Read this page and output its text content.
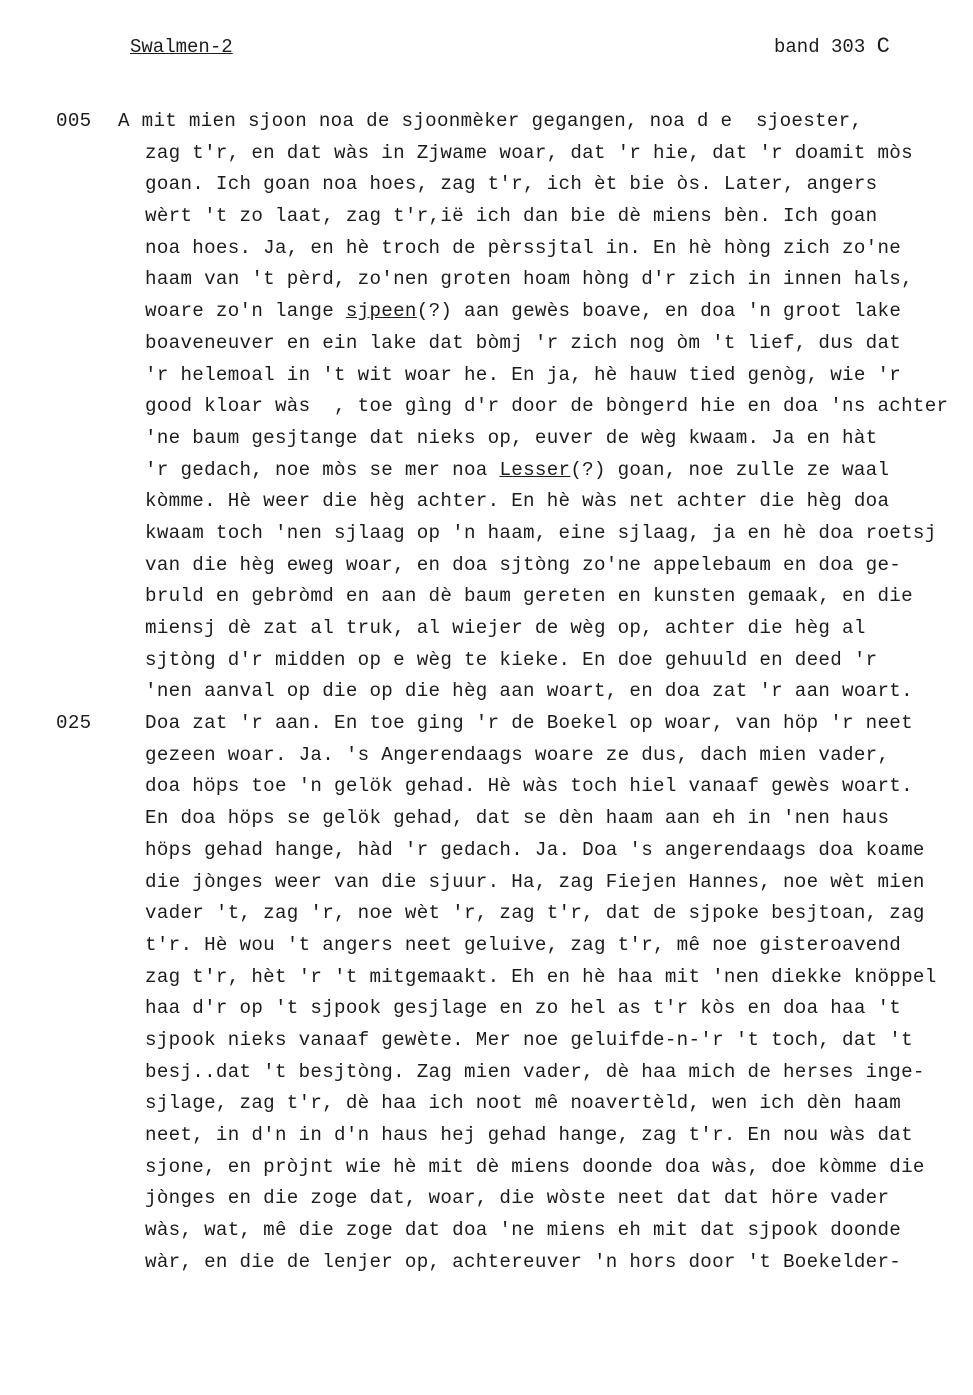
Swalmen-2	band 303 C
005 A mit mien sjoon noa de sjoonmèker gegangen, noa d e  sjoester,
zag t'r, en dat wàs in Zjwame woar, dat 'r hie, dat 'r doamit mòs
goan. Ich goan noa hoes, zag t'r, ich èt bie òs. Later, angers
wèrt 't zo laat, zag t'r,ië ich dan bie dè miens bèn. Ich goan
noa hoes. Ja, en hè troch de pèrssjtal in. En hè hòng zich zo'ne
haam van 't pèrd, zo'nen groten hoam hòng d'r zich in innen hals,
woare zo'n lange sjpeen(?) aan gewès boave, en doa 'n groot lake
boaveneuver en ein lake dat bòmj 'r zich nog òm 't lief, dus dat
'r helemoal in 't wit woar he. En ja, hè hauw tied genòg, wie 'r
good kloar wàs  , toe gìng d'r door de bòngerd hie en doa 'ns achter
'ne baum gesjtange dat nieks op, euver de wèg kwaam. Ja en hàt
'r gedach, noe mòs se mer noa Lesser(?) goan, noe zulle ze waal
kòmme. Hè weer die hèg achter. En hè wàs net achter die hèg doa
kwaam toch 'nen sjlaag op 'n haam, eine sjlaag, ja en hè doa roetsj
van die hèg eweg woar, en doa sjtòng zo'ne appelebaum en doa ge-
bruld en gebròmd en aan dè baum gereten en kunsten gemaak, en die
miensj dè zat al truk, al wiejer de wèg op, achter die hèg al
sjtòng d'r midden op e wèg te kieke. En doe gehuuld en deed 'r
'nen aanval op die op die hèg aan woart, en doa zat 'r aan woart.
025	Doa zat 'r aan. En toe ging 'r de Boekel op woar, van höp 'r neet
gezeen woar. Ja. 's Angerendaags woare ze dus, dach mien vader,
doa höps toe 'n gelök gehad. Hè wàs toch hiel vanaaf gewès woart.
En doa höps se gelök gehad, dat se dèn haam aan eh in 'nen haus
höps gehad hange, hàd 'r gedach. Ja. Doa 's angerendaags doa koame
die jònges weer van die sjuur. Ha, zag Fiejen Hannes, noe wèt mien
vader 't, zag 'r, noe wèt 'r, zag t'r, dat de sjpoke besjtoan, zag
t'r. Hè wou 't angers neet geluive, zag t'r, mê noe gisteroavend
zag t'r, hèt 'r 't mitgemaakt. Eh en hè haa mit 'nen diekke knöppel
haa d'r op 't sjpook gesjlage en zo hel as t'r kòs en doa haa 't
sjpook nieks vanaaf gewète. Mer noe geluifde-n-'r 't toch, dat 't
besj..dat 't besjtòng. Zag mien vader, dè haa mich de herses inge-
sjlage, zag t'r, dè haa ich noot mê noavertèld, wen ich dèn haam
neet, in d'n in d'n haus hej gehad hange, zag t'r. En nou wàs dat
sjone, en pròjnt wie hè mit dè miens doonde doa wàs, doe kòmme die
jònges en die zoge dat, woar, die wòste neet dat dat höre vader
wàs, wat, mê die zoge dat doa 'ne miens eh mit dat sjpook doonde
wàr, en die de lenjer op, achtereuver 'n hors door 't Boekelder-
